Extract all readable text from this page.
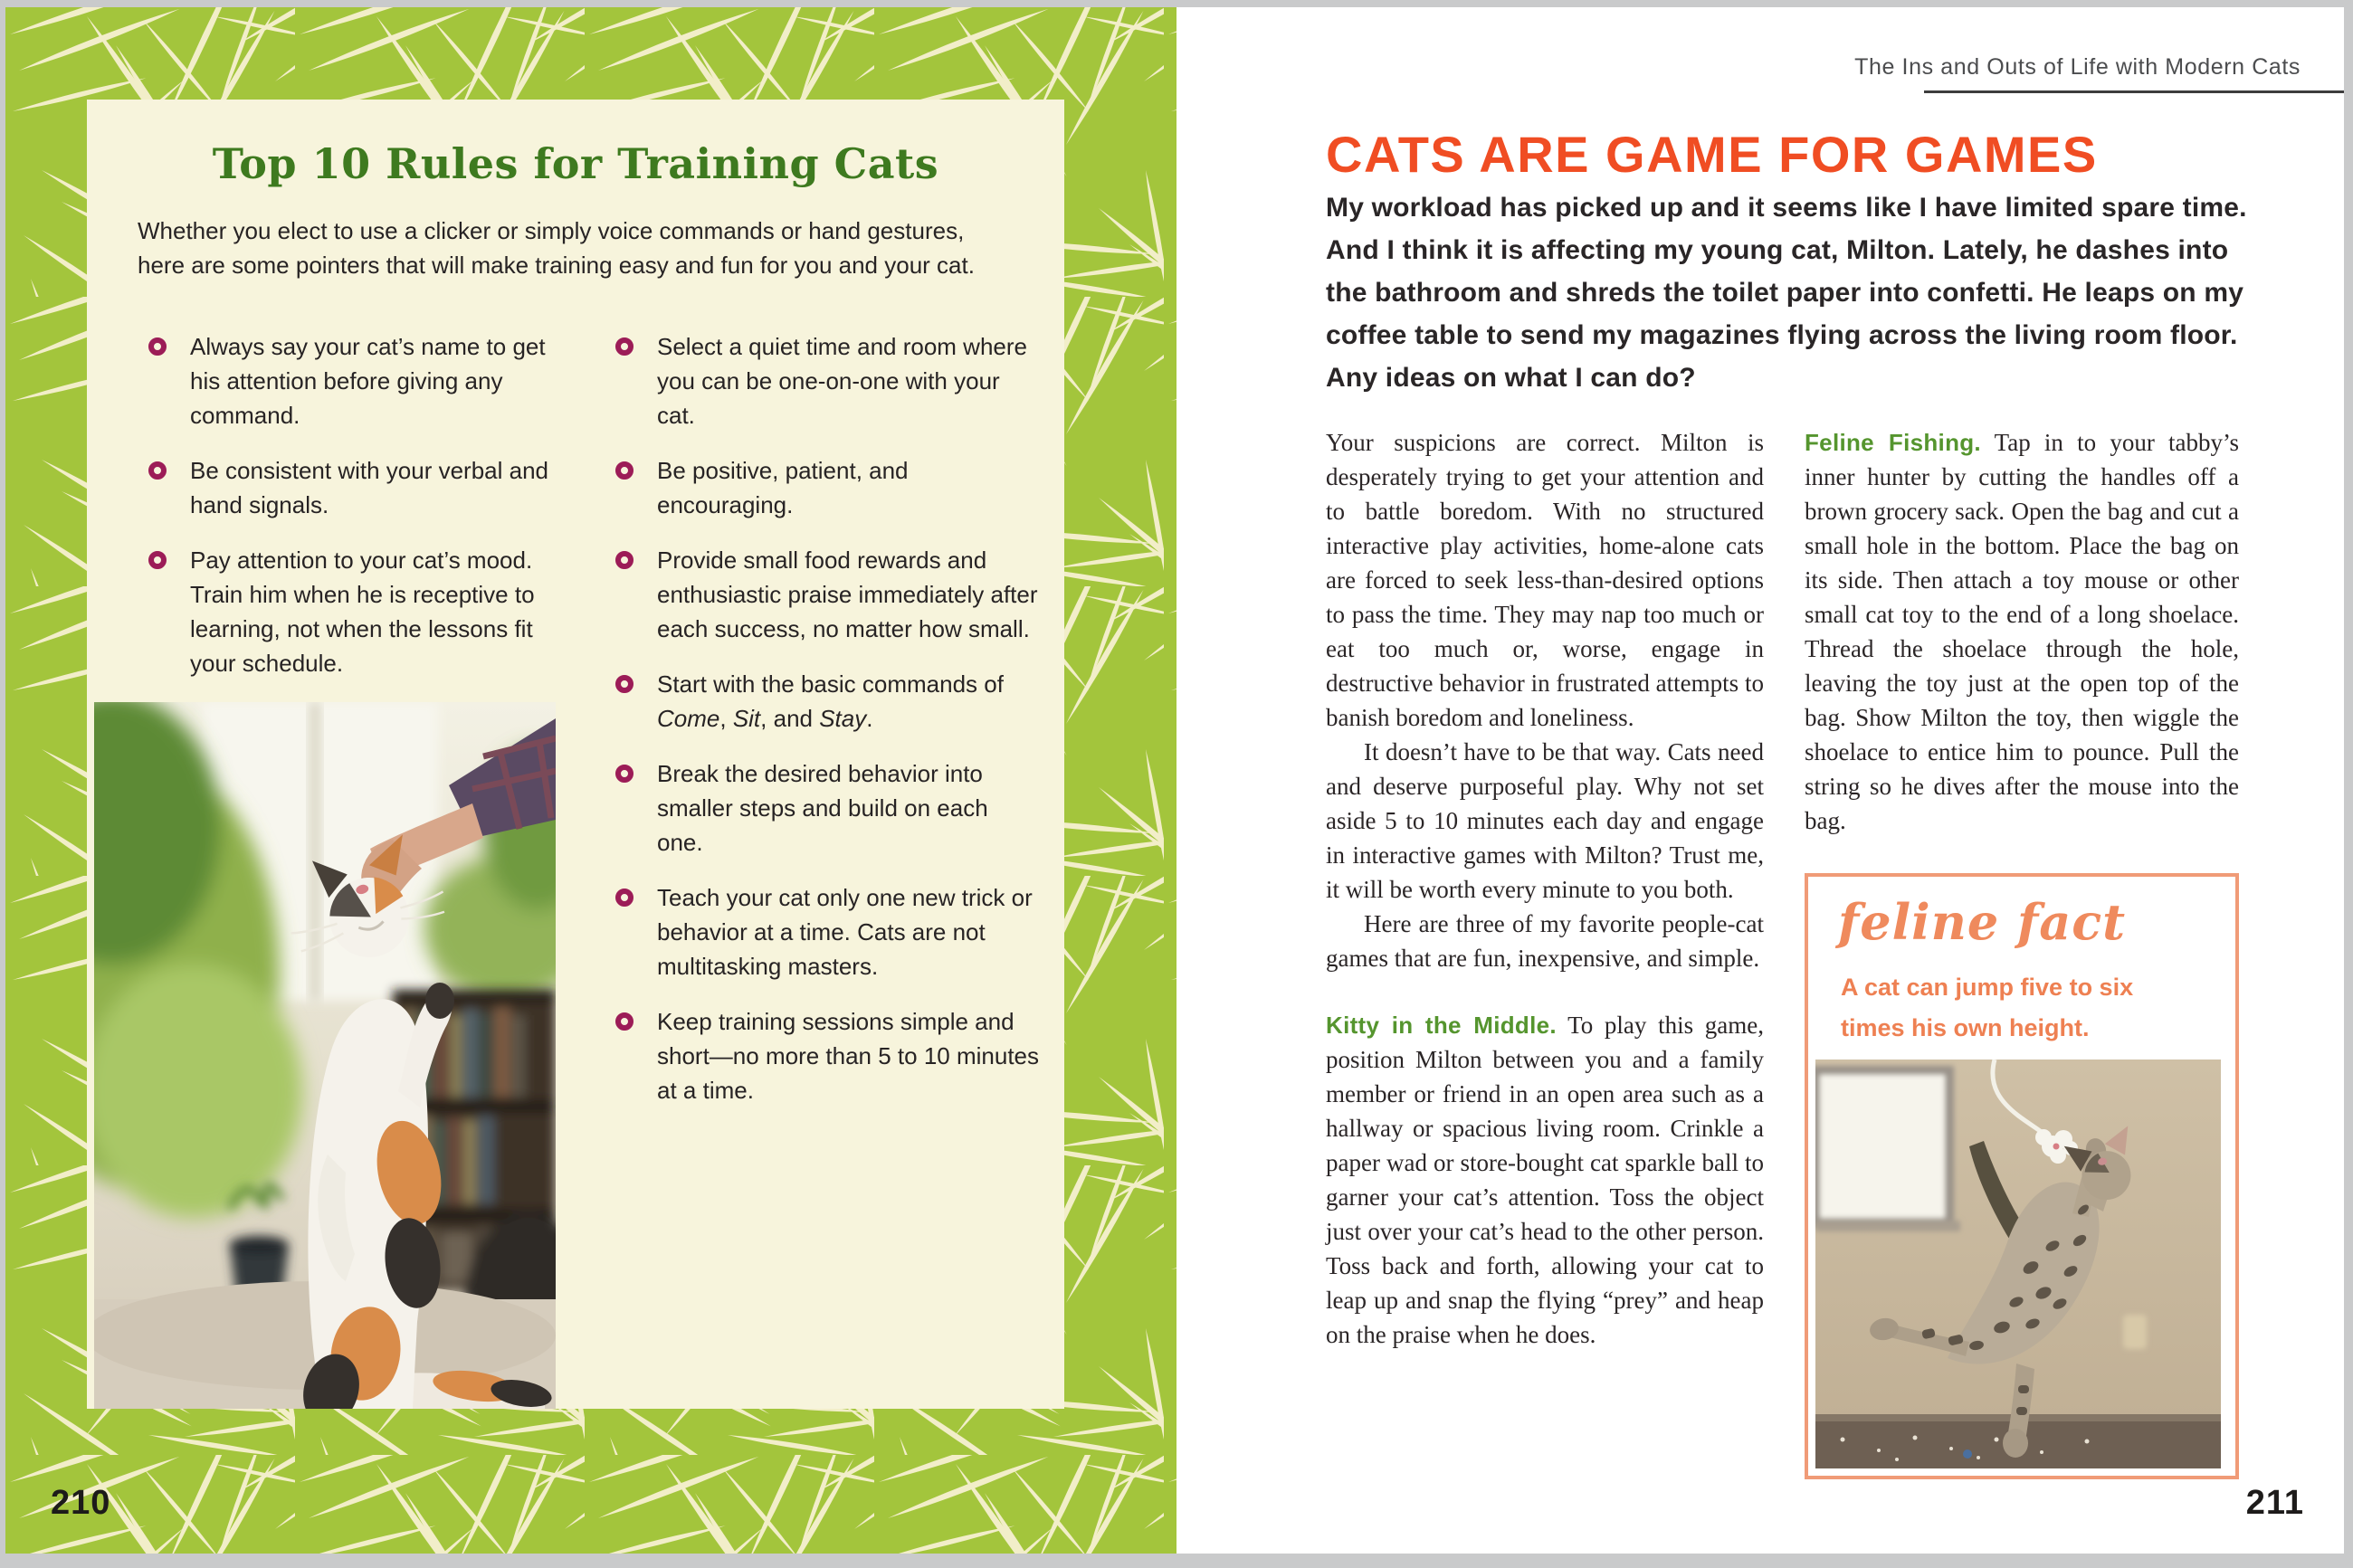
Top 10 Rules for Training Cats
Whether you elect to use a clicker or simply voice commands or hand gestures, here are some pointers that will make training easy and fun for you and your cat.
Always say your cat’s name to get his attention before giving any command.
Be consistent with your verbal and hand signals.
Pay attention to your cat’s mood. Train him when he is receptive to learning, not when the lessons fit your schedule.
Select a quiet time and room where you can be one-on-one with your cat.
Be positive, patient, and encouraging.
Provide small food rewards and enthusiastic praise immediately after each success, no matter how small.
Start with the basic commands of Come, Sit, and Stay.
Break the desired behavior into smaller steps and build on each one.
Teach your cat only one new trick or behavior at a time. Cats are not multitasking masters.
Keep training sessions simple and short—no more than 5 to 10 minutes at a time.
210
The Ins and Outs of Life with Modern Cats
CATS ARE GAME FOR GAMES
My workload has picked up and it seems like I have limited spare time. And I think it is affecting my young cat, Milton. Lately, he dashes into the bathroom and shreds the toilet paper into confetti. He leaps on my coffee table to send my magazines flying across the living room floor. Any ideas on what I can do?

Your suspicions are correct. Milton is desperately trying to get your attention and to battle boredom. With no structured interactive play activities, home-alone cats are forced to seek less-than-desired options to pass the time. They may nap too much or eat too much or, worse, engage in destructive behavior in frustrated attempts to banish boredom and loneliness.

It doesn’t have to be that way. Cats need and deserve purposeful play. Why not set aside 5 to 10 minutes each day and engage in interactive games with Milton? Trust me, it will be worth every minute to you both.

Here are three of my favorite people-cat games that are fun, inexpensive, and simple.

Kitty in the Middle. To play this game, position Milton between you and a family member or friend in an open area such as a hallway or spacious living room. Crinkle a paper wad or store-bought cat sparkle ball to garner your cat’s attention. Toss the object just over your cat’s head to the other person. Toss back and forth, allowing your cat to leap up and snap the flying “prey” and heap on the praise when he does.

Feline Fishing. Tap in to your tabby’s inner hunter by cutting the handles off a brown grocery sack. Open the bag and cut a small hole in the bottom. Place the bag on its side. Then attach a toy mouse or other small cat toy to the end of a long shoelace. Thread the shoelace through the hole, leaving the toy just at the open top of the bag. Show Milton the toy, then wiggle the shoelace to entice him to pounce. Pull the string so he dives after the mouse into the bag.

feline fact
A cat can jump five to six times his own height.
211
